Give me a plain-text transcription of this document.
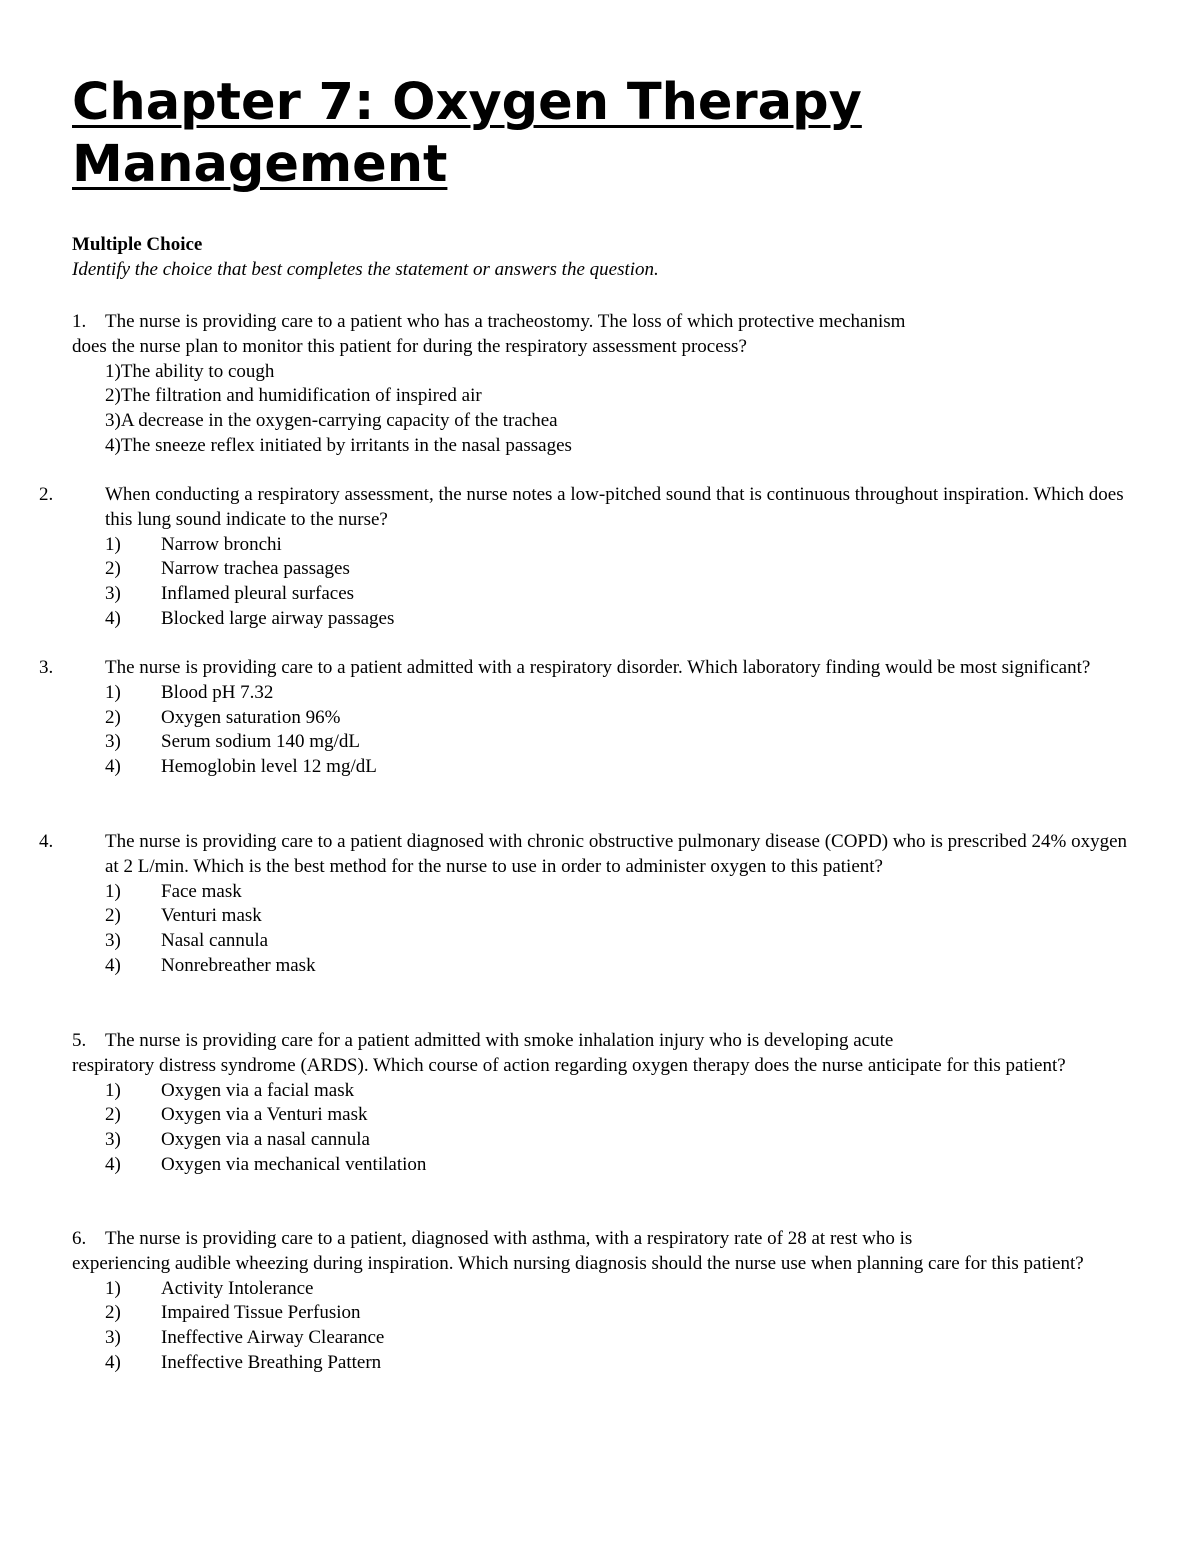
Chapter 7: Oxygen Therapy Management
Multiple Choice
Identify the choice that best completes the statement or answers the question.
1. The nurse is providing care to a patient who has a tracheostomy. The loss of which protective mechanism
does the nurse plan to monitor this patient for during the respiratory assessment process?
1)The ability to cough
2)The filtration and humidification of inspired air
3)A decrease in the oxygen-carrying capacity of the trachea
4)The sneeze reflex initiated by irritants in the nasal passages
2.	When conducting a respiratory assessment, the nurse notes a low-pitched sound that is continuous throughout inspiration. Which does this lung sound indicate to the nurse?
1) Narrow bronchi
2) Narrow trachea passages
3) Inflamed pleural surfaces
4) Blocked large airway passages
3.	The nurse is providing care to a patient admitted with a respiratory disorder. Which laboratory finding would be most significant?
1) Blood pH 7.32
2) Oxygen saturation 96%
3) Serum sodium 140 mg/dL
4) Hemoglobin level 12 mg/dL
4.	The nurse is providing care to a patient diagnosed with chronic obstructive pulmonary disease (COPD) who is prescribed 24% oxygen at 2 L/min. Which is the best method for the nurse to use in order to administer oxygen to this patient?
1) Face mask
2) Venturi mask
3) Nasal cannula
4) Nonrebreather mask
5. The nurse is providing care for a patient admitted with smoke inhalation injury who is developing acute
respiratory distress syndrome (ARDS). Which course of action regarding oxygen therapy does the nurse anticipate for this patient?
1) Oxygen via a facial mask
2) Oxygen via a Venturi mask
3) Oxygen via a nasal cannula
4) Oxygen via mechanical ventilation
6. The nurse is providing care to a patient, diagnosed with asthma, with a respiratory rate of 28 at rest who is
experiencing audible wheezing during inspiration. Which nursing diagnosis should the nurse use when planning care for this patient?
1) Activity Intolerance
2) Impaired Tissue Perfusion
3) Ineffective Airway Clearance
4) Ineffective Breathing Pattern
